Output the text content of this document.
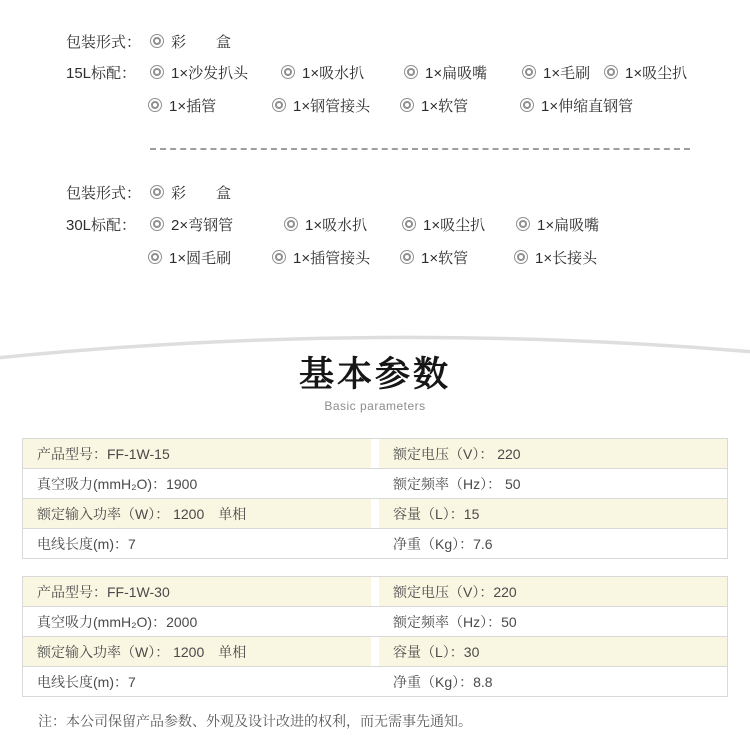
包装形式：	彩　　盒
15L标配：	1×沙发扒头	1×吸水扒	1×扁吸嘴	1×毛刷 1×吸尘扒
1×插管	1×钢管接头	1×软管	1×伸缩直钢管
包装形式：	彩　　盒
30L标配：	2×弯钢管	1×吸水扒	1×吸尘扒	1×扁吸嘴
1×圆毛刷	1×插管接头	1×软管	1×长接头
基本参数
Basic parameters
产品型号：FF-1W-15	额定电压（V）： 220
真空吸力(mmH₂O)：1900	额定频率（Hz）： 50
额定输入功率（W）： 1200　单相	容量（L）：15
电线长度(m)：7	净重（Kg）：7.6
产品型号：FF-1W-30	额定电压（V）：220
真空吸力(mmH₂O)：2000	额定频率（Hz）：50
额定输入功率（W）： 1200　单相	容量（L）：30
电线长度(m)：7	净重（Kg）：8.8
注：本公司保留产品参数、外观及设计改进的权利，而无需事先通知。
